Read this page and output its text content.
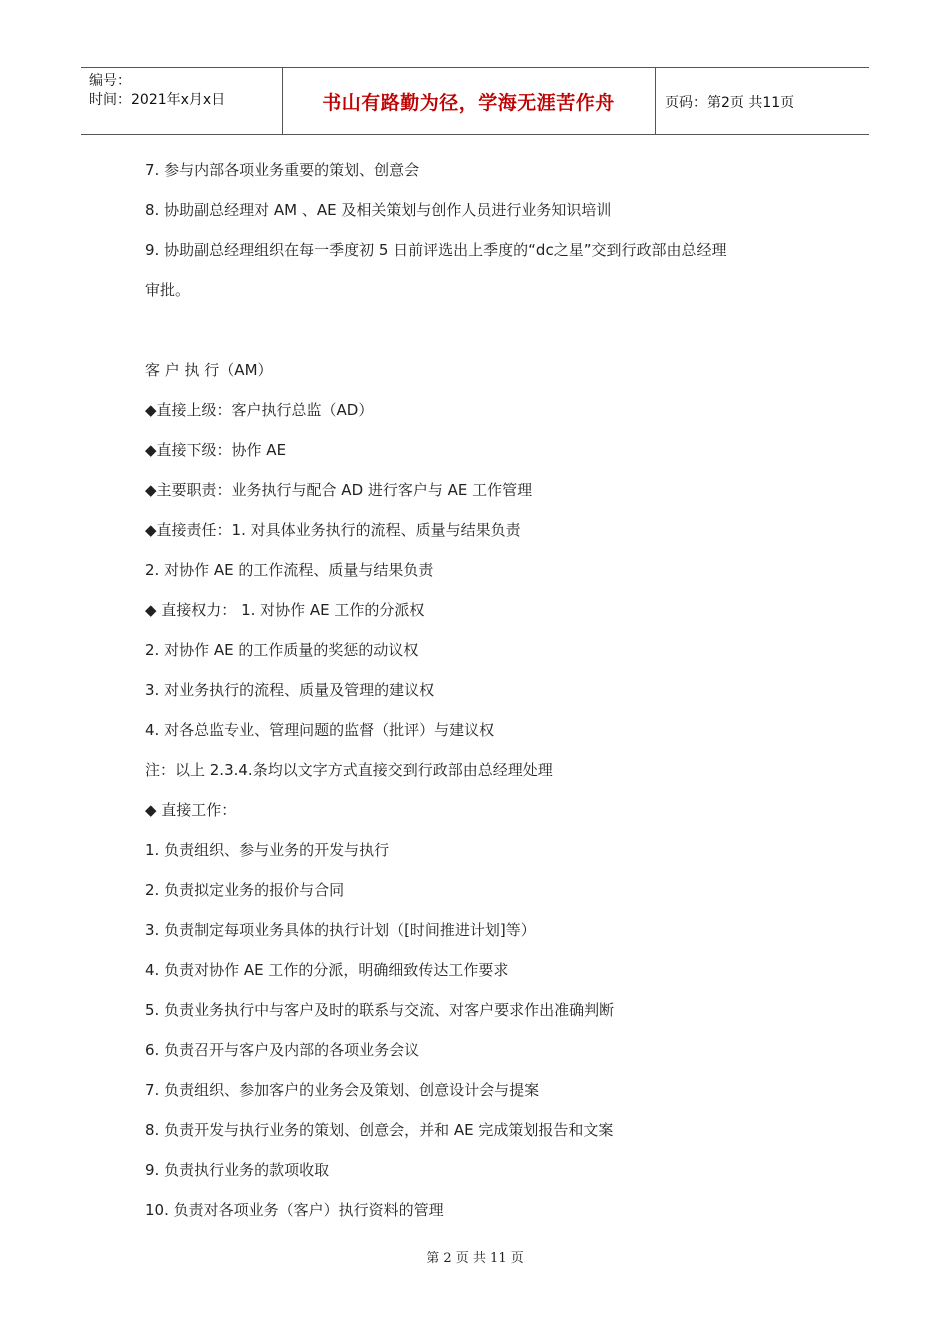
编号：
时间：2021年x月x日	书山有路勤为径，学海无涯苦作舟	页码：第2页 共11页
7. 参与内部各项业务重要的策划、创意会
8. 协助副总经理对 AM 、AE 及相关策划与创作人员进行业务知识培训
9. 协助副总经理组织在每一季度初 5 日前评选出上季度的“dc之星”交到行政部由总经理
审批。
客 户 执 行（AM）
◆直接上级：客户执行总监（AD）
◆直接下级：协作 AE
◆主要职责：业务执行与配合 AD 进行客户与 AE 工作管理
◆直接责任：1. 对具体业务执行的流程、质量与结果负责
2. 对协作 AE 的工作流程、质量与结果负责
◆ 直接权力： 1. 对协作 AE 工作的分派权
2. 对协作 AE 的工作质量的奖惩的动议权
3. 对业务执行的流程、质量及管理的建议权
4. 对各总监专业、管理问题的监督（批评）与建议权
注：以上 2.3.4.条均以文字方式直接交到行政部由总经理处理
◆ 直接工作：
1. 负责组织、参与业务的开发与执行
2. 负责拟定业务的报价与合同
3. 负责制定每项业务具体的执行计划（[时间推进计划]等）
4. 负责对协作 AE 工作的分派，明确细致传达工作要求
5. 负责业务执行中与客户及时的联系与交流、对客户要求作出准确判断
6. 负责召开与客户及内部的各项业务会议
7. 负责组织、参加客户的业务会及策划、创意设计会与提案
8. 负责开发与执行业务的策划、创意会，并和 AE 完成策划报告和文案
9. 负责执行业务的款项收取
10. 负责对各项业务（客户）执行资料的管理
第 2 页 共 11 页
